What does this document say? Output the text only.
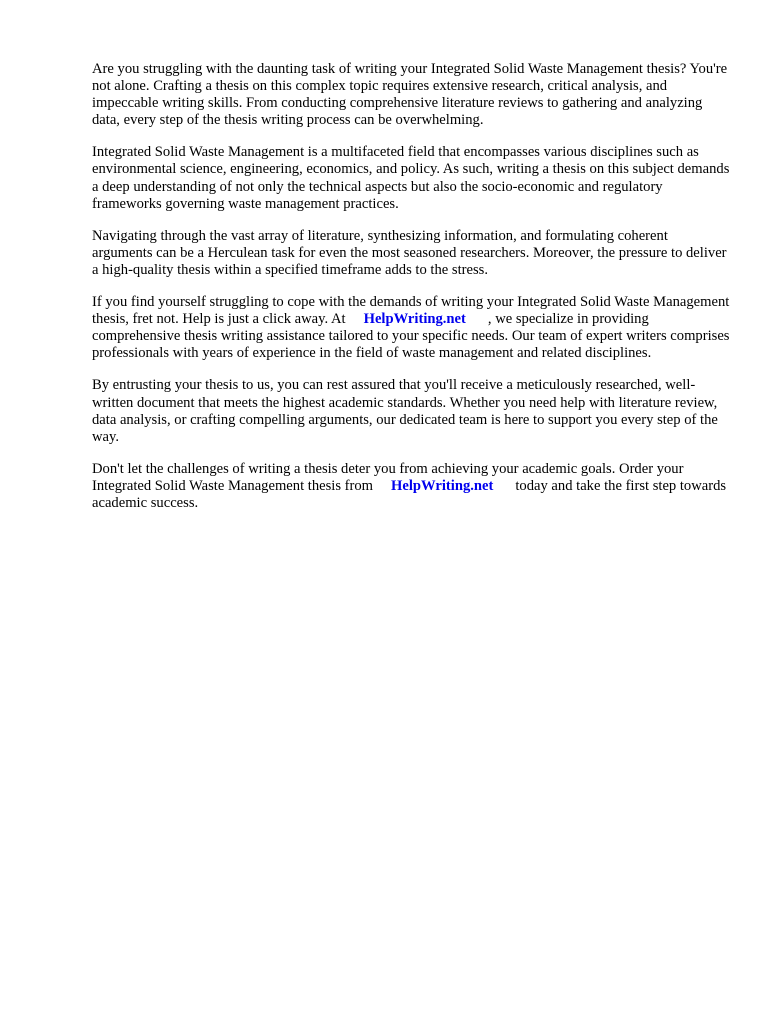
Are you struggling with the daunting task of writing your Integrated Solid Waste Management thesis? You're not alone. Crafting a thesis on this complex topic requires extensive research, critical analysis, and impeccable writing skills. From conducting comprehensive literature reviews to gathering and analyzing data, every step of the thesis writing process can be overwhelming.

Integrated Solid Waste Management is a multifaceted field that encompasses various disciplines such as environmental science, engineering, economics, and policy. As such, writing a thesis on this subject demands a deep understanding of not only the technical aspects but also the socio-economic and regulatory frameworks governing waste management practices.

Navigating through the vast array of literature, synthesizing information, and formulating coherent arguments can be a Herculean task for even the most seasoned researchers. Moreover, the pressure to deliver a high-quality thesis within a specified timeframe adds to the stress.

If you find yourself struggling to cope with the demands of writing your Integrated Solid Waste Management thesis, fret not. Help is just a click away. At HelpWriting.net , we specialize in providing comprehensive thesis writing assistance tailored to your specific needs. Our team of expert writers comprises professionals with years of experience in the field of waste management and related disciplines.

By entrusting your thesis to us, you can rest assured that you'll receive a meticulously researched, well-written document that meets the highest academic standards. Whether you need help with literature review, data analysis, or crafting compelling arguments, our dedicated team is here to support you every step of the way.

Don't let the challenges of writing a thesis deter you from achieving your academic goals. Order your Integrated Solid Waste Management thesis from HelpWriting.net today and take the first step towards academic success.
